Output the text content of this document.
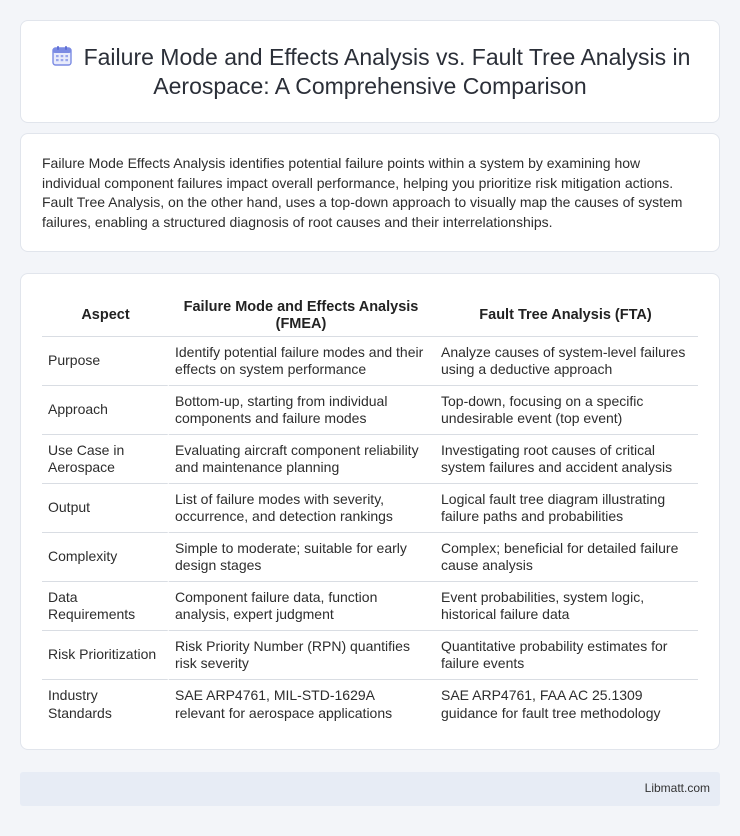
Failure Mode and Effects Analysis vs. Fault Tree Analysis in Aerospace: A Comprehensive Comparison

Failure Mode Effects Analysis identifies potential failure points within a system by examining how individual component failures impact overall performance, helping you prioritize risk mitigation actions. Fault Tree Analysis, on the other hand, uses a top-down approach to visually map the causes of system failures, enabling a structured diagnosis of root causes and their interrelationships.

Aspect	Failure Mode and Effects Analysis (FMEA)	Fault Tree Analysis (FTA)
Purpose	Identify potential failure modes and their effects on system performance	Analyze causes of system-level failures using a deductive approach
Approach	Bottom-up, starting from individual components and failure modes	Top-down, focusing on a specific undesirable event (top event)
Use Case in Aerospace	Evaluating aircraft component reliability and maintenance planning	Investigating root causes of critical system failures and accident analysis
Output	List of failure modes with severity, occurrence, and detection rankings	Logical fault tree diagram illustrating failure paths and probabilities
Complexity	Simple to moderate; suitable for early design stages	Complex; beneficial for detailed failure cause analysis
Data Requirements	Component failure data, function analysis, expert judgment	Event probabilities, system logic, historical failure data
Risk Prioritization	Risk Priority Number (RPN) quantifies risk severity	Quantitative probability estimates for failure events
Industry Standards	SAE ARP4761, MIL-STD-1629A relevant for aerospace applications	SAE ARP4761, FAA AC 25.1309 guidance for fault tree methodology
Libmatt.com
